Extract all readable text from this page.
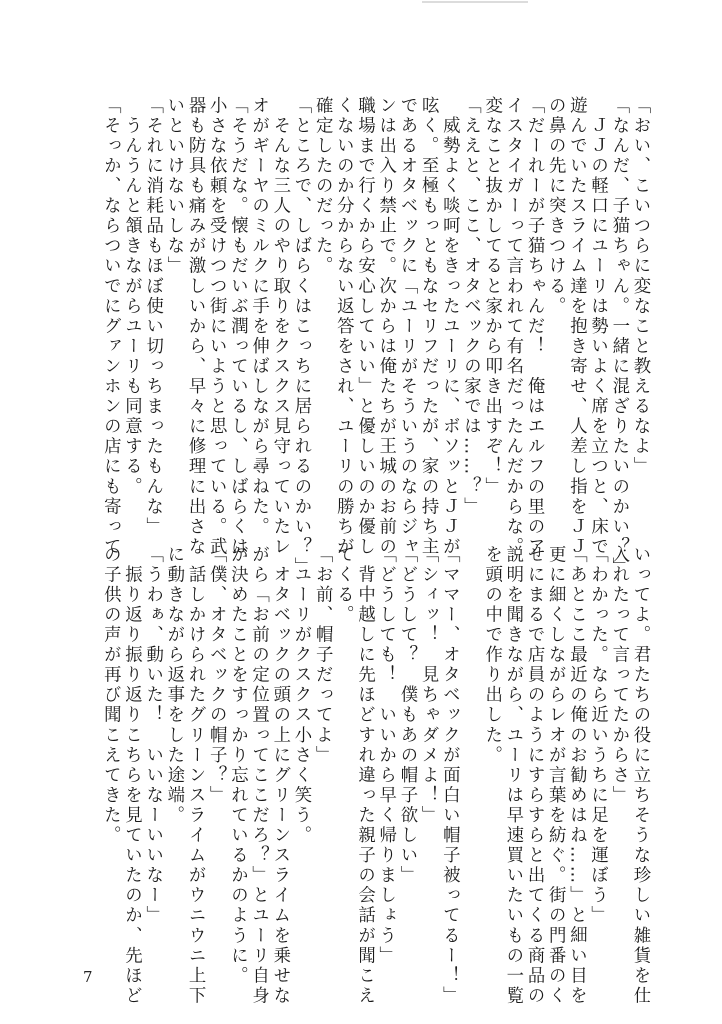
「おい、こいつらに変なこと教えるなよ」
「なんだ、子猫ちゃん。一緒に混ざりたいのかい？」
　ＪＪの軽口にユーリは勢いよく席を立つと、床で
遊んでいたスライム達を抱き寄せ、人差し指をＪＪ
の鼻の先に突きつける。
「だーれーが子猫ちゃんだ！　俺はエルフの里のア
イスタイガーって言われて有名だったんだからな。
変なこと抜かしてると家から叩き出すぞ！」
「ええと、ここ、オタベックの家では……？」
　威勢よく啖呵をきったユーリに、ボソッとＪＪが
呟く。至極もっともなセリフだったが、家の持ち主
であるオタベックに「ユーリがそういうのならジャ
ンは出入り禁止で。次からは俺たちが王城のお前の
職場まで行くから安心していい」と優しいのか優し
くないのか分からない返答をされ、ユーリの勝ちが
確定したのだった。
「ところで、しばらくはこっちに居られるのかい？」
　そんな三人のやり取りをクスクス見守っていたレ
オがギーヤのミルクに手を伸ばしながら尋ねた。
「そうだな。懐もだいぶ潤っているし、しばらくは
小さな依頼を受けつつ街にいようと思っている。武
器も防具も痛みが激しいから、早々に修理に出さな
いといけないしな」
「それに消耗品もほぼ使い切っちまったもんな」
　うんうんと頷きながらユーリも同意する。
「そっか、ならついでにグァンホンの店にも寄って
いってよ。君たちの役に立ちそうな珍しい雑貨を仕
入れたって言ってたからさ」
「わかった。なら近いうちに足を運ぼう」
「あとここ最近の俺のお勧めはね……」と細い目を
更に細くしながらレオが言葉を紡ぐ。街の門番のく
せにまるで店員のようにすらすらと出てくる商品の
説明を聞きながら、ユーリは早速買いたいもの一覧
を頭の中で作り出した。
「ママー、オタベックが面白い帽子被ってるー！」
「シィッ！　見ちゃダメよ！」
「どうして？　僕もあの帽子欲しい」
「どうしても！　いいから早く帰りましょう」
　背中越しに先ほどすれ違った親子の会話が聞こえ
てくる。
「お前、帽子だってよ」
　ユーリがクスクス小さく笑う。
　オタベックの頭の上にグリーンスライムを乗せな
がら「お前の定位置ってここだろ？」とユーリ自身
が決めたことをすっかり忘れているかのように。
「僕、オタベックの帽子？」
　話しかけられたグリーンスライムがウニウニ上下
に動きながら返事をした途端。
「うわぁ、動いた！　いいなーいいなー」
　振り返り振り返りこちらを見ていたのか、先ほど
の子供の声が再び聞こえてきた。
7
